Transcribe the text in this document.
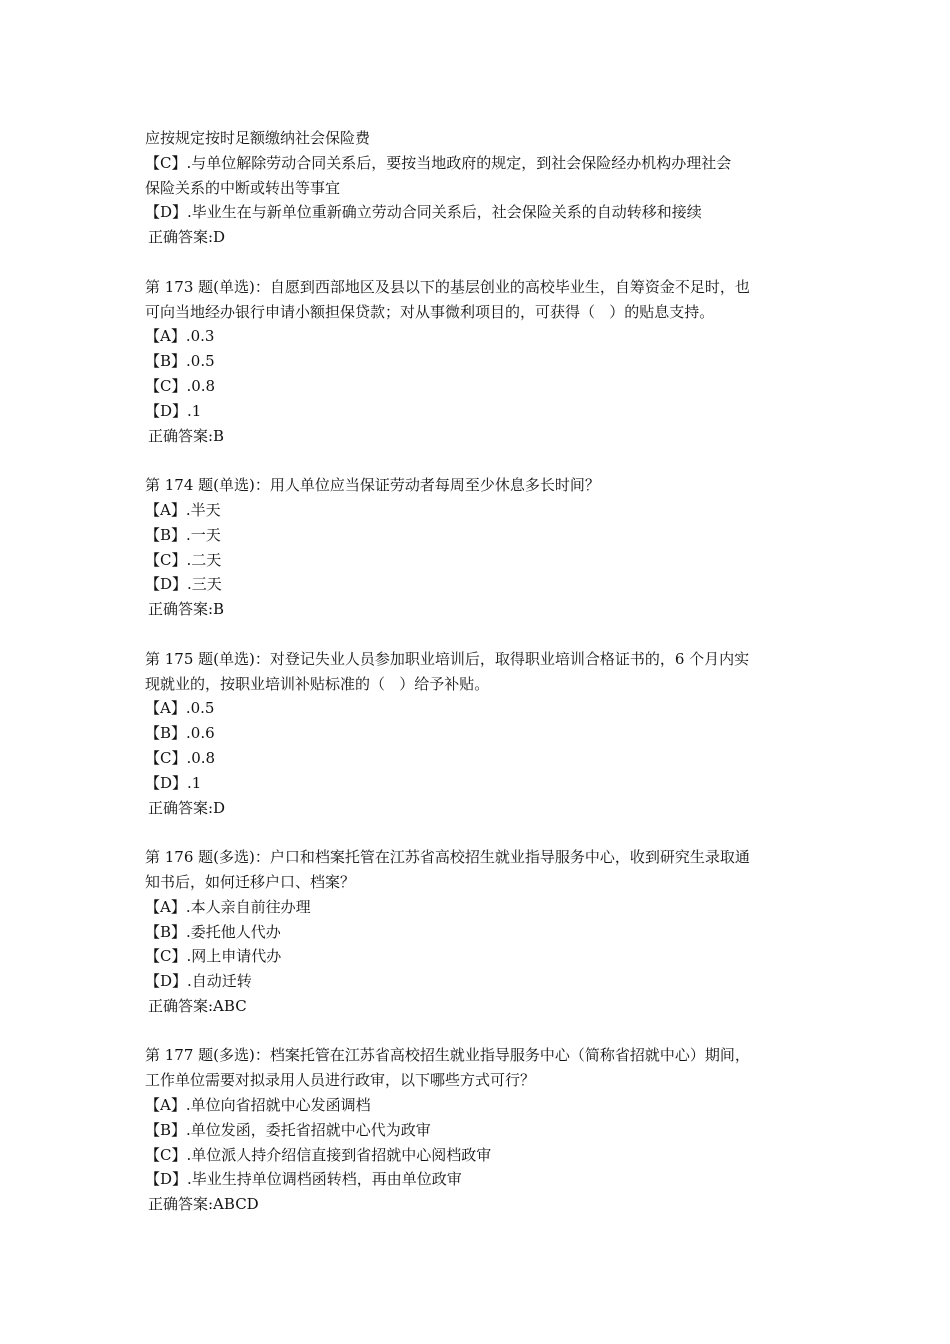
应按规定按时足额缴纳社会保险费

【C】.与单位解除劳动合同关系后，要按当地政府的规定，到社会保险经办机构办理社会

保险关系的中断或转出等事宜

【D】.毕业生在与新单位重新确立劳动合同关系后，社会保险关系的自动转移和接续

正确答案:D

第 173 题(单选)：自愿到西部地区及县以下的基层创业的高校毕业生，自筹资金不足时，也

可向当地经办银行申请小额担保贷款；对从事微利项目的，可获得（   ）的贴息支持。

【A】.0.3

【B】.0.5

【C】.0.8

【D】.1

正确答案:B

第 174 题(单选)：用人单位应当保证劳动者每周至少休息多长时间？

【A】.半天

【B】.一天

【C】.二天

【D】.三天

正确答案:B

第 175 题(单选)：对登记失业人员参加职业培训后，取得职业培训合格证书的，6 个月内实

现就业的，按职业培训补贴标准的（   ）给予补贴。

【A】.0.5

【B】.0.6

【C】.0.8

【D】.1

正确答案:D

第 176 题(多选)：户口和档案托管在江苏省高校招生就业指导服务中心，收到研究生录取通

知书后，如何迁移户口、档案？

【A】.本人亲自前往办理

【B】.委托他人代办

【C】.网上申请代办

【D】.自动迁转

正确答案:ABC

第 177 题(多选)：档案托管在江苏省高校招生就业指导服务中心（简称省招就中心）期间，

工作单位需要对拟录用人员进行政审，以下哪些方式可行？

【A】.单位向省招就中心发函调档

【B】.单位发函，委托省招就中心代为政审

【C】.单位派人持介绍信直接到省招就中心阅档政审

【D】.毕业生持单位调档函转档，再由单位政审

正确答案:ABCD
